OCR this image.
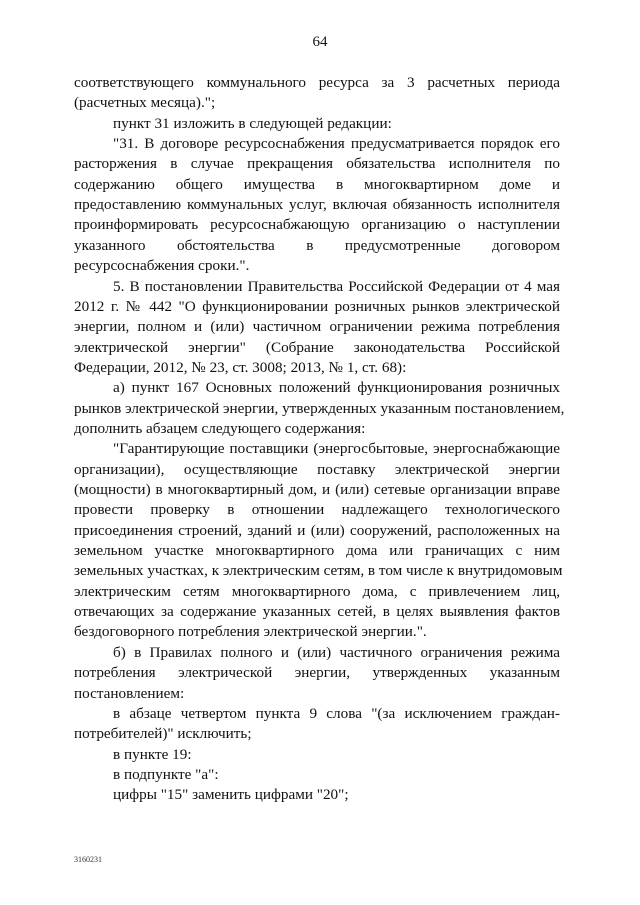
64
соответствующего коммунального ресурса за 3 расчетных периода
(расчетных месяца).";
пункт 31 изложить в следующей редакции:
"31. В договоре ресурсоснабжения предусматривается порядок его
расторжения в случае прекращения обязательства исполнителя по
содержанию общего имущества в многоквартирном доме и
предоставлению коммунальных услуг, включая обязанность исполнителя
проинформировать ресурсоснабжающую организацию о наступлении
указанного обстоятельства в предусмотренные договором
ресурсоснабжения сроки.".
5. В постановлении Правительства Российской Федерации от 4 мая
2012 г. № 442 "О функционировании розничных рынков электрической
энергии, полном и (или) частичном ограничении режима потребления
электрической энергии" (Собрание законодательства Российской
Федерации, 2012, № 23, ст. 3008; 2013, № 1, ст. 68):
а) пункт 167 Основных положений функционирования розничных
рынков электрической энергии, утвержденных указанным постановлением,
дополнить абзацем следующего содержания:
"Гарантирующие поставщики (энергосбытовые, энергоснабжающие
организации), осуществляющие поставку электрической энергии
(мощности) в многоквартирный дом, и (или) сетевые организации вправе
провести проверку в отношении надлежащего технологического
присоединения строений, зданий и (или) сооружений, расположенных на
земельном участке многоквартирного дома или граничащих с ним
земельных участках, к электрическим сетям, в том числе к внутридомовым
электрическим сетям многоквартирного дома, с привлечением лиц,
отвечающих за содержание указанных сетей, в целях выявления фактов
бездоговорного потребления электрической энергии.".
б) в Правилах полного и (или) частичного ограничения режима
потребления электрической энергии, утвержденных указанным
постановлением:
в абзаце четвертом пункта 9 слова "(за исключением граждан-
потребителей)" исключить;
в пункте 19:
в подпункте "а":
цифры "15" заменить цифрами "20";
3160231
